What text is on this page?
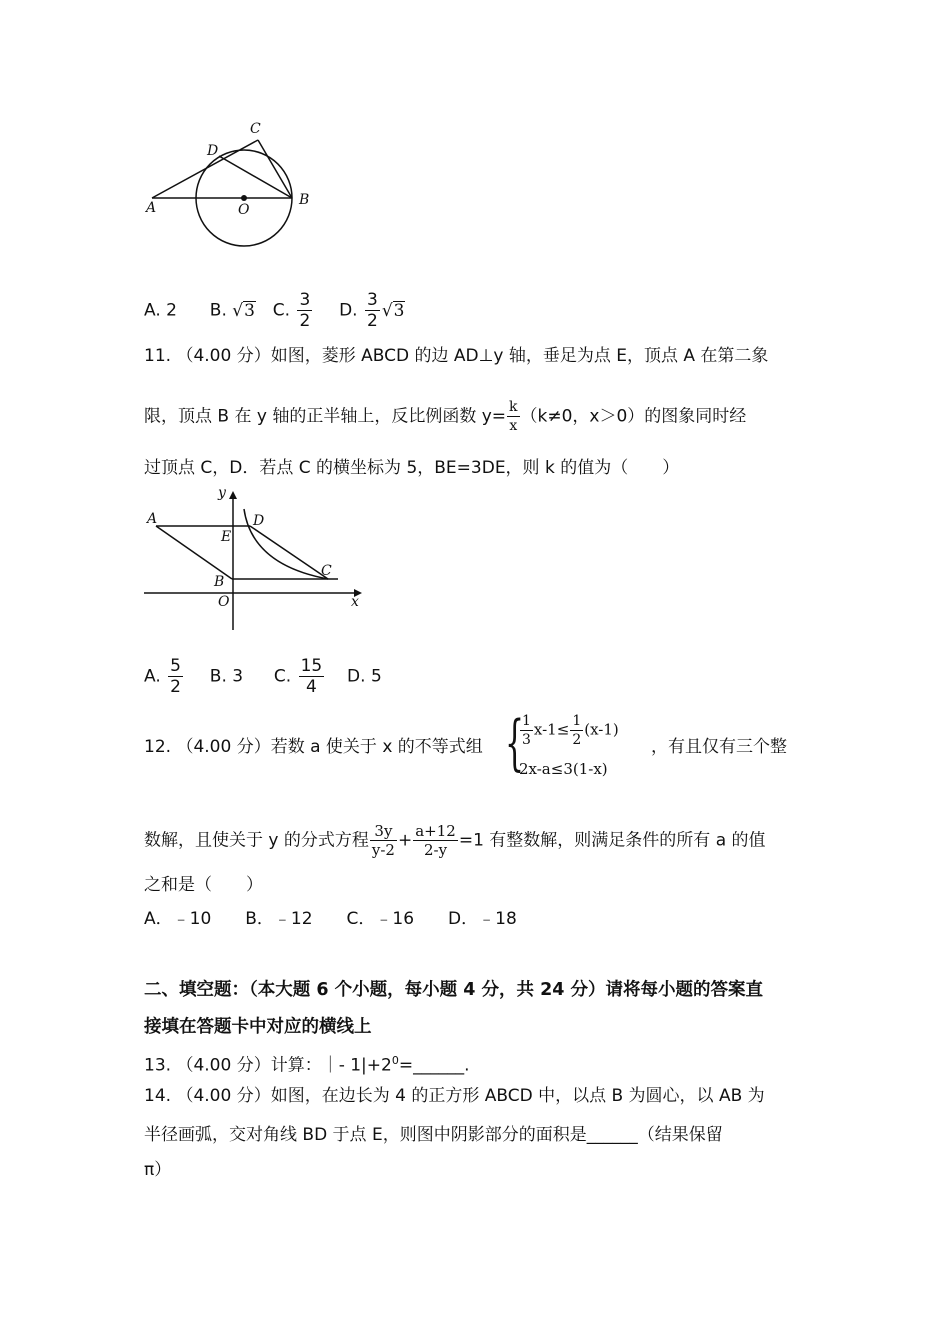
A	B
C
D
O
A. 2 B. √3 C. $\frac{3}{2} D$. $\frac{3}{2} √3$
11. （4.00 分）如图，菱形 ABCD 的边 AD⊥y 轴，垂足为点 E，顶点 A 在第二象
限，顶点 B 在 y 轴的正半轴上，反比例函数 $y= \frac{k}{x} (k\ne 0$，x＞0）的图象同时经
过顶点 C，D．若点 C 的横坐标为 5，BE=3DE，则 k 的值为（　　）
A
B
C
D
E
O	x
y
A. $\frac{5}{2} B$. 3 C. $\frac{15}{4} D$. 5
12. （4.00 分）若数 a 使关于 x 的不等式组 {
$\frac{1}{3} x-1\le \frac{1}{2} (x-1)$
2x-a≤3(1-x)
，有且仅有三个整
数解，且使关于 y 的分式方程 $\frac{3y}{y-2} + \frac{a+12}{2-y} =1$ 有整数解，则满足条件的所有 a 的值
之和是（　　）
A．﹣10　　B．﹣12　　C．﹣16　　D．﹣18
二、填空题：（本大题 6 个小题，每小题 4 分，共 24 分）请将每小题的答案直
接填在答题卡中对应的横线上
13. （4.00 分）计算：｜- $1|+2^0=\_\_\_\_\_\_$.
14. （4.00 分）如图，在边长为 4 的正方形 ABCD 中，以点 B 为圆心，以 AB 为
半径画弧，交对角线 BD 于点 E，则图中阴影部分的面积是______（结果保留
π）
